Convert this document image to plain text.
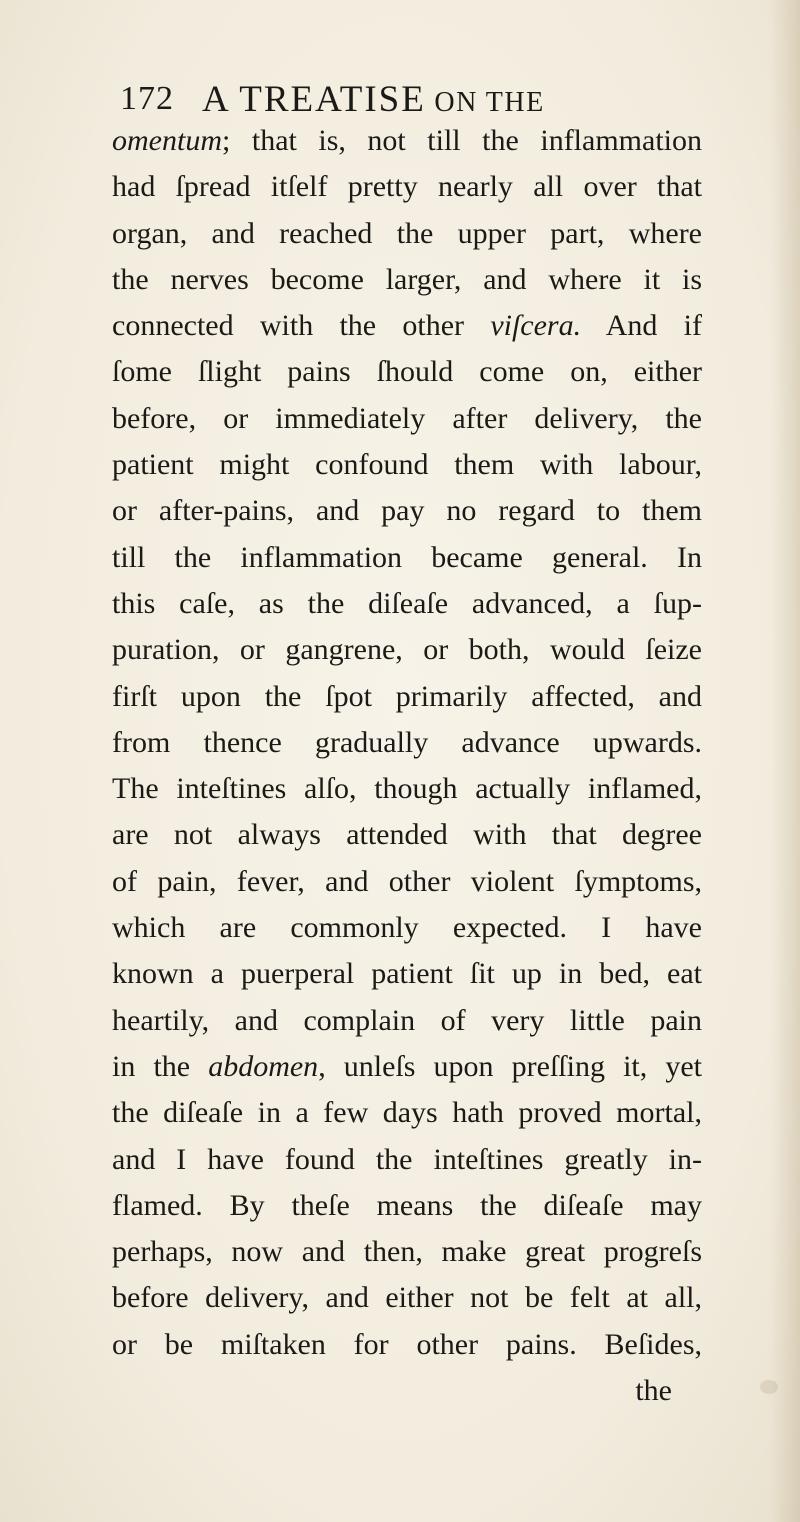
172 A TREATISE ON THE
omentum; that is, not till the inflammation
had ſpread itſelf pretty nearly all over that
organ, and reached the upper part, where
the nerves become larger, and where it is
connected with the other viſcera. And if
ſome ſlight pains ſhould come on, either
before, or immediately after delivery, the
patient might confound them with labour,
or after-pains, and pay no regard to them
till the inflammation became general. In
this caſe, as the diſeaſe advanced, a ſup-
puration, or gangrene, or both, would ſeize
firſt upon the ſpot primarily affected, and
from thence gradually advance upwards.
The inteſtines alſo, though actually inflamed,
are not always attended with that degree
of pain, fever, and other violent ſymptoms,
which are commonly expected. I have
known a puerperal patient ſit up in bed, eat
heartily, and complain of very little pain
in the abdomen, unleſs upon preſſing it, yet
the diſeaſe in a few days hath proved mortal,
and I have found the inteſtines greatly in-
flamed. By theſe means the diſeaſe may
perhaps, now and then, make great progreſs
before delivery, and either not be felt at all,
or be miſtaken for other pains. Beſides,
the
